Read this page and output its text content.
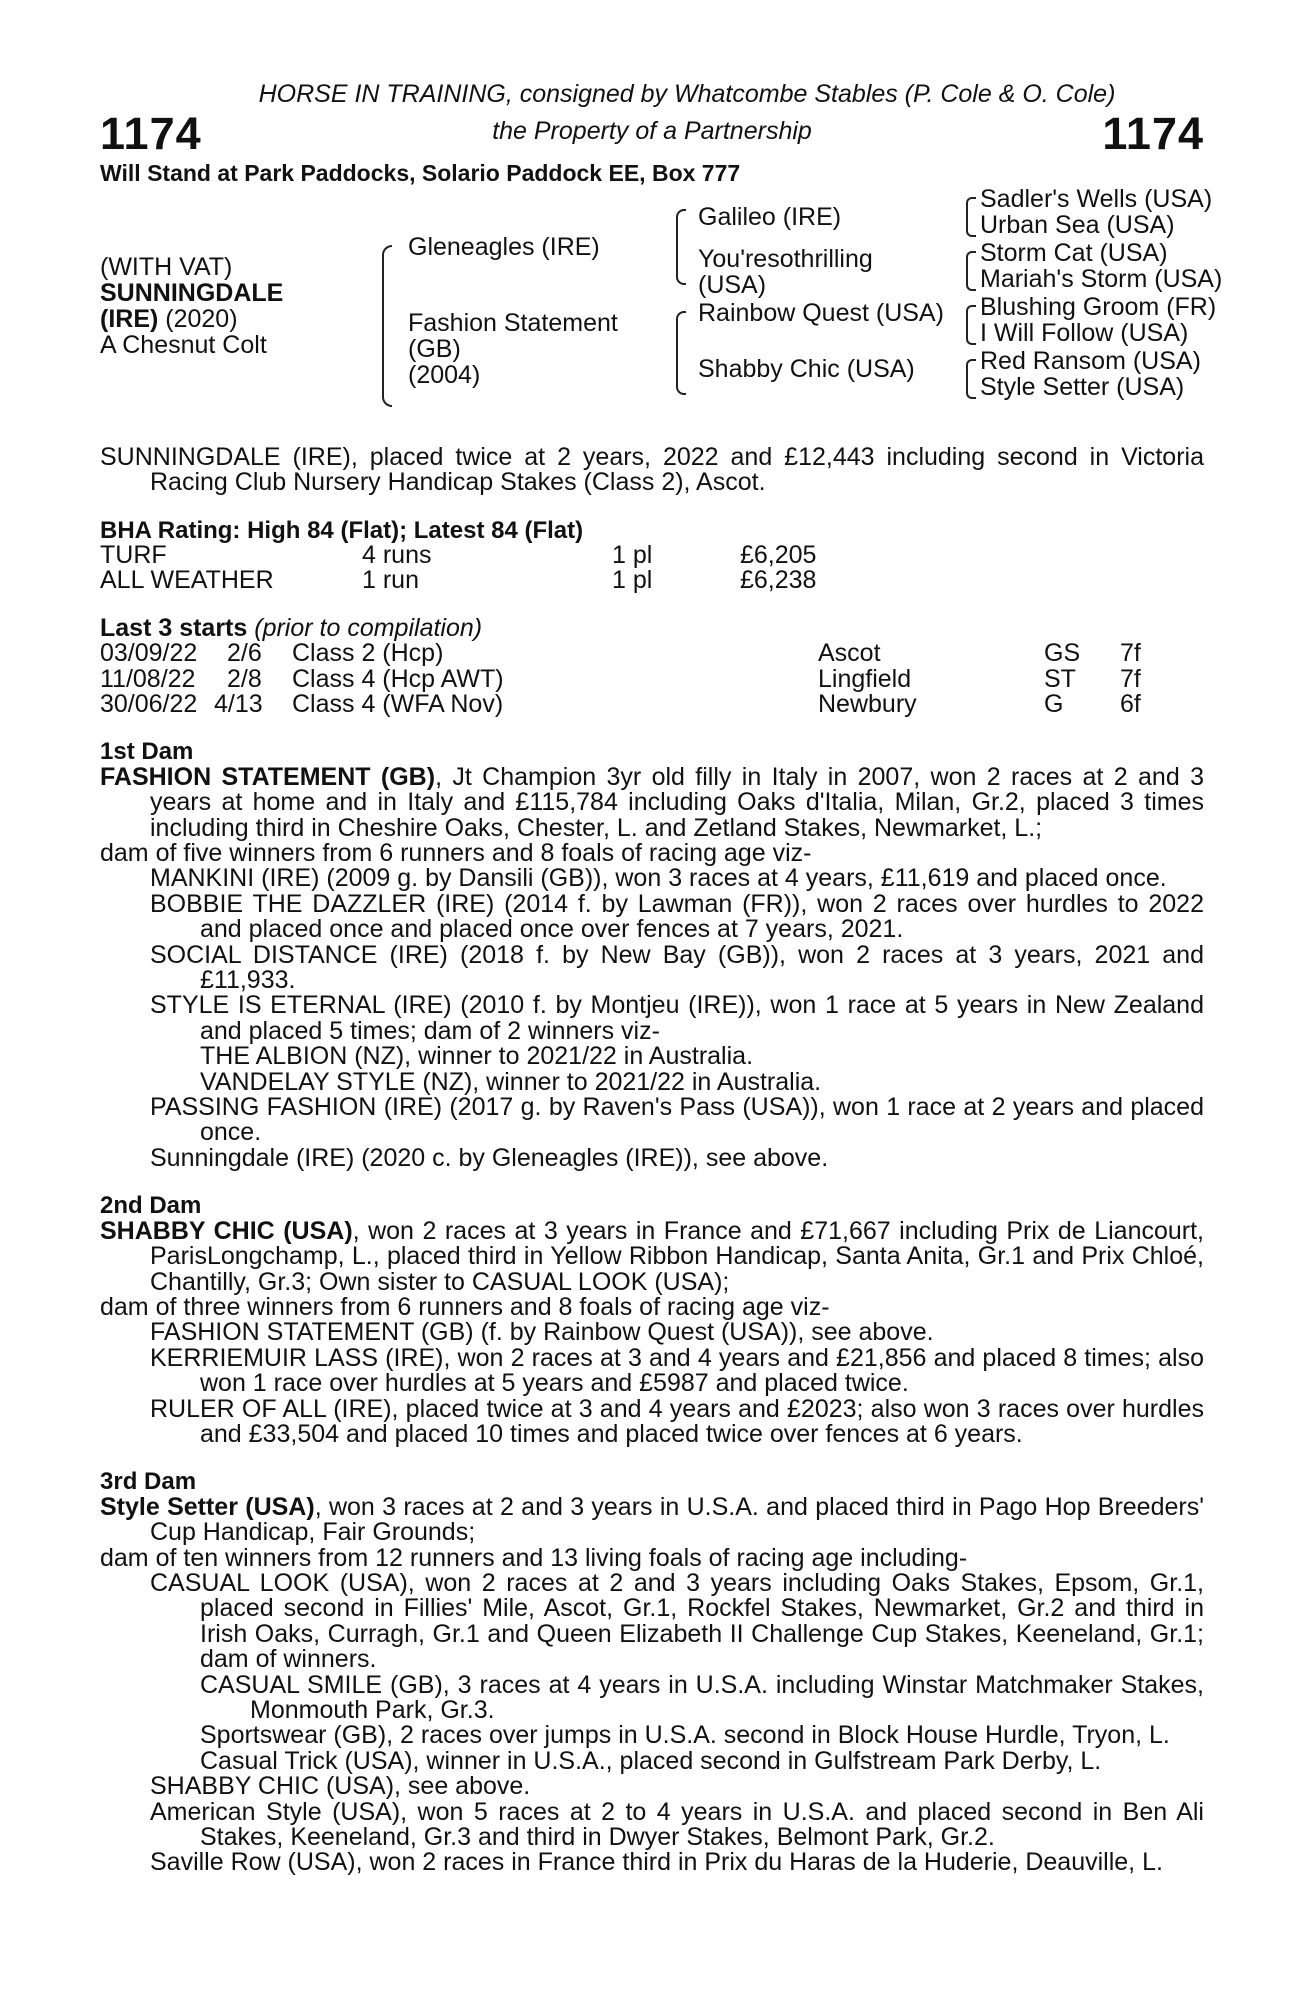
HORSE IN TRAINING, consigned by Whatcombe Stables (P. Cole & O. Cole)
1174	the Property of a Partnership	1174
Will Stand at Park Paddocks, Solario Paddock EE, Box 777
(WITH VAT)
SUNNINGDALE
(IRE) (2020)
A Chesnut Colt
Gleneagles (IRE)
Fashion Statement
(GB)
(2004)
Galileo (IRE)
You'resothrilling
(USA)
Rainbow Quest (USA)
Shabby Chic (USA)
Sadler's Wells (USA)
Urban Sea (USA)
Storm Cat (USA)
Mariah's Storm (USA)
Blushing Groom (FR)
I Will Follow (USA)
Red Ransom (USA)
Style Setter (USA)
SUNNINGDALE (IRE), placed twice at 2 years, 2022 and £12,443 including second in Victoria Racing Club Nursery Handicap Stakes (Class 2), Ascot.
BHA Rating: High 84 (Flat); Latest 84 (Flat)
TURF	4 runs	1 pl	£6,205
ALL WEATHER	1 run	1 pl	£6,238
Last 3 starts (prior to compilation)
03/09/22 2/6 Class 2 (Hcp)	Ascot	GS 7f
11/08/22 2/8 Class 4 (Hcp AWT)	Lingfield	ST 7f
30/06/22 4/13 Class 4 (WFA Nov)	Newbury	G 6f
1st Dam
FASHION STATEMENT (GB), Jt Champion 3yr old filly in Italy in 2007, won 2 races at 2 and 3 years at home and in Italy and £115,784 including Oaks d'Italia, Milan, Gr.2, placed 3 times including third in Cheshire Oaks, Chester, L. and Zetland Stakes, Newmarket, L.;
dam of five winners from 6 runners and 8 foals of racing age viz-
MANKINI (IRE) (2009 g. by Dansili (GB)), won 3 races at 4 years, £11,619 and placed once.
BOBBIE THE DAZZLER (IRE) (2014 f. by Lawman (FR)), won 2 races over hurdles to 2022 and placed once and placed once over fences at 7 years, 2021.
SOCIAL DISTANCE (IRE) (2018 f. by New Bay (GB)), won 2 races at 3 years, 2021 and £11,933.
STYLE IS ETERNAL (IRE) (2010 f. by Montjeu (IRE)), won 1 race at 5 years in New Zealand and placed 5 times; dam of 2 winners viz-
THE ALBION (NZ), winner to 2021/22 in Australia.
VANDELAY STYLE (NZ), winner to 2021/22 in Australia.
PASSING FASHION (IRE) (2017 g. by Raven's Pass (USA)), won 1 race at 2 years and placed once.
Sunningdale (IRE) (2020 c. by Gleneagles (IRE)), see above.
2nd Dam
SHABBY CHIC (USA), won 2 races at 3 years in France and £71,667 including Prix de Liancourt, ParisLongchamp, L., placed third in Yellow Ribbon Handicap, Santa Anita, Gr.1 and Prix Chloé, Chantilly, Gr.3; Own sister to CASUAL LOOK (USA);
dam of three winners from 6 runners and 8 foals of racing age viz-
FASHION STATEMENT (GB) (f. by Rainbow Quest (USA)), see above.
KERRIEMUIR LASS (IRE), won 2 races at 3 and 4 years and £21,856 and placed 8 times; also won 1 race over hurdles at 5 years and £5987 and placed twice.
RULER OF ALL (IRE), placed twice at 3 and 4 years and £2023; also won 3 races over hurdles and £33,504 and placed 10 times and placed twice over fences at 6 years.
3rd Dam
Style Setter (USA), won 3 races at 2 and 3 years in U.S.A. and placed third in Pago Hop Breeders' Cup Handicap, Fair Grounds;
dam of ten winners from 12 runners and 13 living foals of racing age including-
CASUAL LOOK (USA), won 2 races at 2 and 3 years including Oaks Stakes, Epsom, Gr.1, placed second in Fillies' Mile, Ascot, Gr.1, Rockfel Stakes, Newmarket, Gr.2 and third in Irish Oaks, Curragh, Gr.1 and Queen Elizabeth II Challenge Cup Stakes, Keeneland, Gr.1; dam of winners.
CASUAL SMILE (GB), 3 races at 4 years in U.S.A. including Winstar Matchmaker Stakes, Monmouth Park, Gr.3.
Sportswear (GB), 2 races over jumps in U.S.A. second in Block House Hurdle, Tryon, L.
Casual Trick (USA), winner in U.S.A., placed second in Gulfstream Park Derby, L.
SHABBY CHIC (USA), see above.
American Style (USA), won 5 races at 2 to 4 years in U.S.A. and placed second in Ben Ali Stakes, Keeneland, Gr.3 and third in Dwyer Stakes, Belmont Park, Gr.2.
Saville Row (USA), won 2 races in France third in Prix du Haras de la Huderie, Deauville, L.
